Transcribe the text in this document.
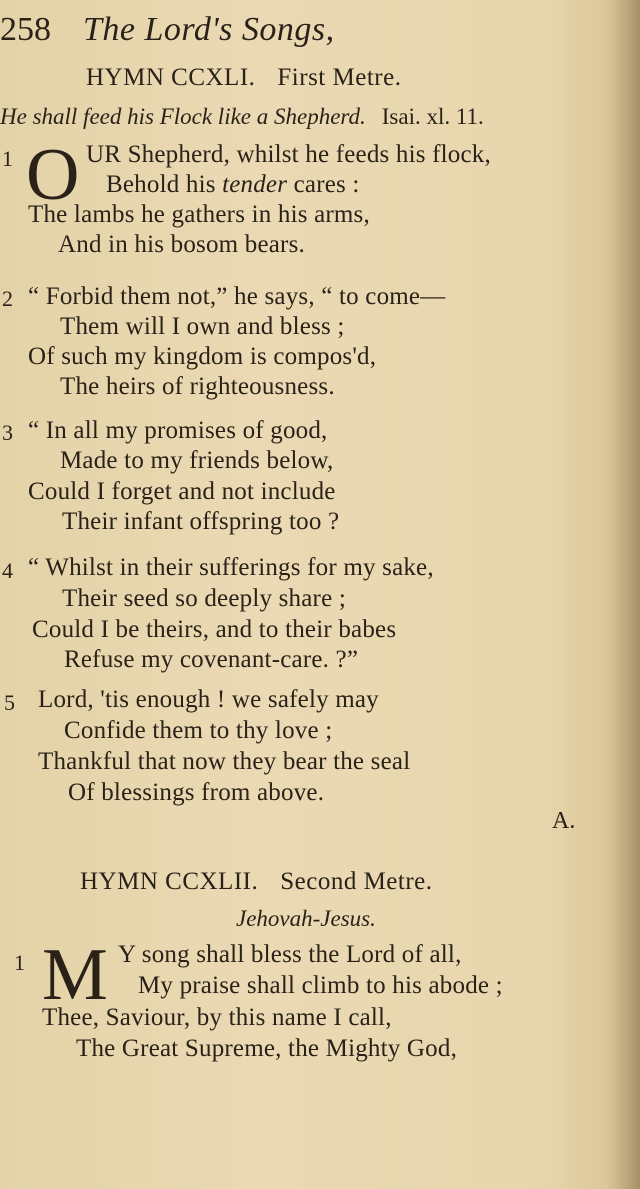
258 The Lord's Songs,
HYMN CCXLI. First Metre.
He shall feed his Flock like a Shepherd. Isai. xl. 11.
1 O UR Shepherd, whilst he feeds his flock,
Behold his tender cares :
The lambs he gathers in his arms,
And in his bosom bears.
2 “ Forbid them not,” he says, “ to come—
Them will I own and bless ;
Of such my kingdom is compos'd,
The heirs of righteousness.
3 “ In all my promises of good,
Made to my friends below,
Could I forget and not include
Their infant offspring too ?
4 “ Whilst in their sufferings for my sake,
Their seed so deeply share ;
Could I be theirs, and to their babes
Refuse my covenant-care. ?”
5 Lord, 'tis enough ! we safely may
Confide them to thy love ;
Thankful that now they bear the seal
Of blessings from above.
A.
HYMN CCXLII. Second Metre.
Jehovah-Jesus.
1 M Y song shall bless the Lord of all,
My praise shall climb to his abode ;
Thee, Saviour, by this name I call,
The Great Supreme, the Mighty God,
